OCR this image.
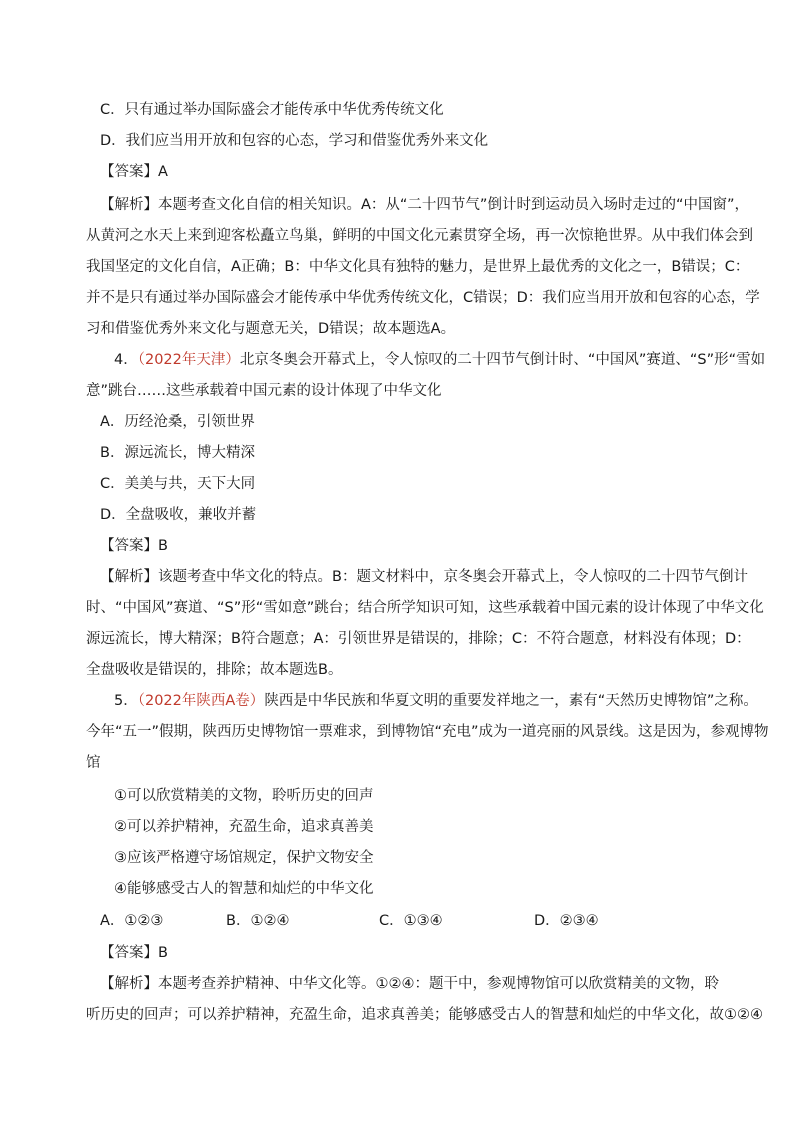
C．只有通过举办国际盛会才能传承中华优秀传统文化
D．我们应当用开放和包容的心态，学习和借鉴优秀外来文化
【答案】A
【解析】本题考查文化自信的相关知识。A：从“二十四节气”倒计时到运动员入场时走过的“中国窗”，
从黄河之水天上来到迎客松矗立鸟巢，鲜明的中国文化元素贯穿全场，再一次惊艳世界。从中我们体会到
我国坚定的文化自信，A正确；B：中华文化具有独特的魅力，是世界上最优秀的文化之一，B错误；C：
并不是只有通过举办国际盛会才能传承中华优秀传统文化，C错误；D：我们应当用开放和包容的心态，学
习和借鉴优秀外来文化与题意无关，D错误；故本题选A。
4．（2022年天津）北京冬奥会开幕式上，令人惊叹的二十四节气倒计时、“中国风”赛道、“S”形“雪如
意”跳台……这些承载着中国元素的设计体现了中华文化
A．历经沧桑，引领世界
B．源远流长，博大精深
C．美美与共，天下大同
D．全盘吸收，兼收并蓄
【答案】B
【解析】该题考查中华文化的特点。B：题文材料中，京冬奥会开幕式上，令人惊叹的二十四节气倒计
时、“中国风”赛道、“S”形“雪如意”跳台；结合所学知识可知，这些承载着中国元素的设计体现了中华文化
源远流长，博大精深；B符合题意；A：引领世界是错误的，排除；C：不符合题意，材料没有体现；D：
全盘吸收是错误的，排除；故本题选B。
5．（2022年陕西A卷）陕西是中华民族和华夏文明的重要发祥地之一，素有“天然历史博物馆”之称。
今年“五一”假期，陕西历史博物馆一票难求，到博物馆“充电”成为一道亮丽的风景线。这是因为，参观博物
馆
①可以欣赏精美的文物，聆听历史的回声
②可以养护精神，充盈生命，追求真善美
③应该严格遵守场馆规定，保护文物安全
④能够感受古人的智慧和灿烂的中华文化
A．①②③	B．①②④	C．①③④	D．②③④
【答案】B
【解析】本题考查养护精神、中华文化等。①②④：题干中，参观博物馆可以欣赏精美的文物，聆
听历史的回声；可以养护精神，充盈生命，追求真善美；能够感受古人的智慧和灿烂的中华文化，故①②④
